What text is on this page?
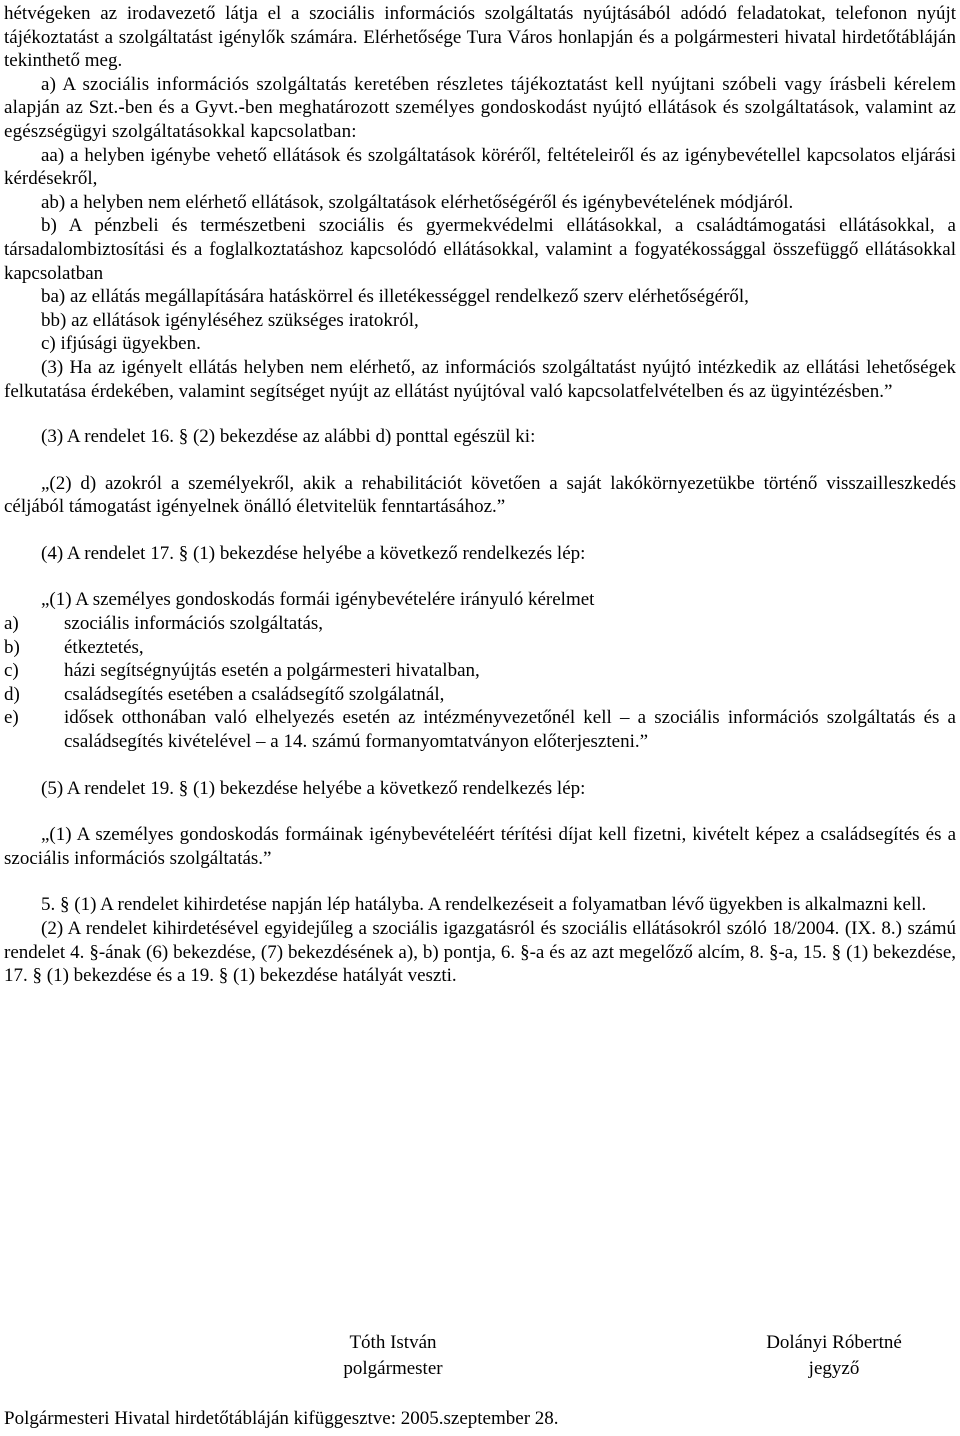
hétvégeken az irodavezető látja el a szociális információs szolgáltatás nyújtásából adódó feladatokat, telefonon nyújt tájékoztatást a szolgáltatást igénylők számára. Elérhetősége Tura Város honlapján és a polgármesteri hivatal hirdetőtábláján tekinthető meg.

a) A szociális információs szolgáltatás keretében részletes tájékoztatást kell nyújtani szóbeli vagy írásbeli kérelem alapján az Szt.-ben és a Gyvt.-ben meghatározott személyes gondoskodást nyújtó ellátások és szolgáltatások, valamint az egészségügyi szolgáltatásokkal kapcsolatban:

aa) a helyben igénybe vehető ellátások és szolgáltatások köréről, feltételeiről és az igénybevétellel kapcsolatos eljárási kérdésekről,

ab) a helyben nem elérhető ellátások, szolgáltatások elérhetőségéről és igénybevételének módjáról.

b) A pénzbeli és természetbeni szociális és gyermekvédelmi ellátásokkal, a családtámogatási ellátásokkal, a társadalombiztosítási és a foglalkoztatáshoz kapcsolódó ellátásokkal, valamint a fogyatékossággal összefüggő ellátásokkal kapcsolatban

ba) az ellátás megállapítására hatáskörrel és illetékességgel rendelkező szerv elérhetőségéről,

bb) az ellátások igényléséhez szükséges iratokról,

c) ifjúsági ügyekben.

(3) Ha az igényelt ellátás helyben nem elérhető, az információs szolgáltatást nyújtó intézkedik az ellátási lehetőségek felkutatása érdekében, valamint segítséget nyújt az ellátást nyújtóval való kapcsolatfelvételben és az ügyintézésben.”

(3) A rendelet 16. § (2) bekezdése az alábbi d) ponttal egészül ki:

„(2) d) azokról a személyekről, akik a rehabilitációt követően a saját lakókörnyezetükbe történő visszailleszkedés céljából támogatást igényelnek önálló életvitelük fenntartásához.”

(4) A rendelet 17. § (1) bekezdése helyébe a következő rendelkezés lép:

„(1) A személyes gondoskodás formái igénybevételére irányuló kérelmet

a)	szociális információs szolgáltatás,
b)	étkeztetés,
c)	házi segítségnyújtás esetén a polgármesteri hivatalban,
d)	családsegítés esetében a családsegítő szolgálatnál,
e)	idősek otthonában való elhelyezés esetén az intézményvezetőnél kell – a szociális információs szolgáltatás és a családsegítés kivételével – a 14. számú formanyomtatványon előterjeszteni.”

(5) A rendelet 19. § (1) bekezdése helyébe a következő rendelkezés lép:

„(1) A személyes gondoskodás formáinak igénybevételéért térítési díjat kell fizetni, kivételt képez a családsegítés és a szociális információs szolgáltatás.”

5. § (1) A rendelet kihirdetése napján lép hatályba. A rendelkezéseit a folyamatban lévő ügyekben is alkalmazni kell.

(2) A rendelet kihirdetésével egyidejűleg a szociális igazgatásról és szociális ellátásokról szóló 18/2004. (IX. 8.) számú rendelet 4. §-ának (6) bekezdése, (7) bekezdésének a), b) pontja, 6. §-a és az azt megelőző alcím, 8. §-a, 15. § (1) bekezdése, 17. § (1) bekezdése és a 19. § (1) bekezdése hatályát veszti.

Tóth István
polgármester
Dolányi Róbertné
jegyző
Polgármesteri Hivatal hirdetőtábláján kifüggesztve: 2005.szeptember 28.
